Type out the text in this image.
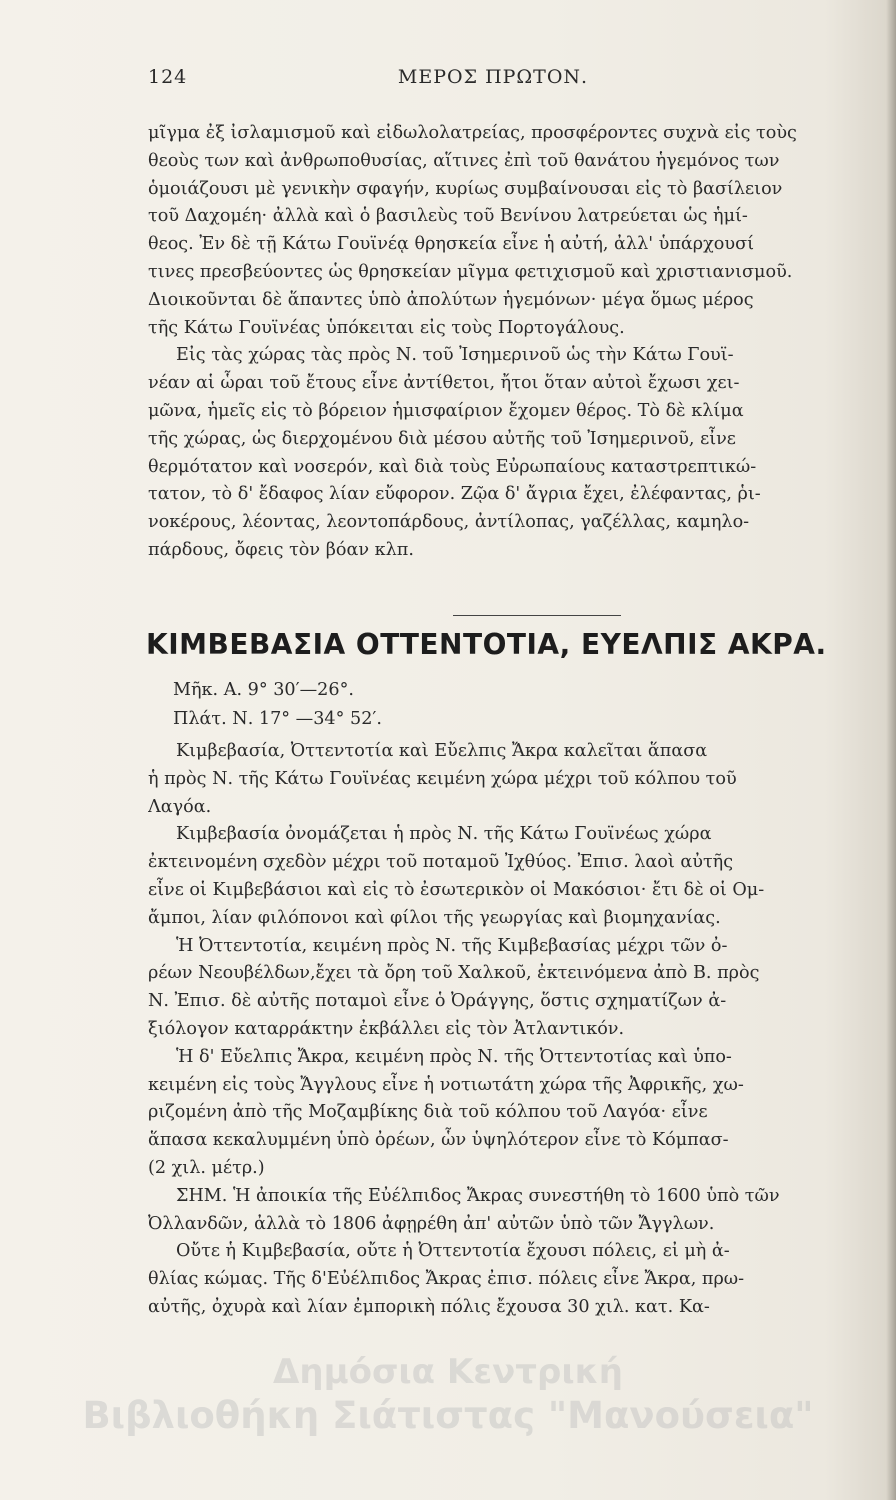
124	ΜΕΡΟΣ ΠΡΩΤΟΝ.
μῖγμα ἐξ ἰσλαμισμοῦ καὶ εἰδωλολατρείας, προσφέροντες συχνὰ εἰς τοὺς
θεοὺς των καὶ ἀνθρωποθυσίας, αἵτινες ἐπὶ τοῦ θανάτου ἡγεμόνος των
ὁμοιάζουσι μὲ γενικὴν σφαγήν, κυρίως συμβαίνουσαι εἰς τὸ βασίλειον
τοῦ Δαχομέη· ἀλλὰ καὶ ὁ βασιλεὺς τοῦ Βενίνου λατρεύεται ὡς ἡμί-
θεος. Ἐν δὲ τῇ Κάτω Γουϊνέᾳ θρησκεία εἶνε ἡ αὐτή, ἀλλ' ὑπάρχουσί
τινες πρεσβεύοντες ὡς θρησκείαν μῖγμα φετιχισμοῦ καὶ χριστιανισμοῦ.
Διοικοῦνται δὲ ἅπαντες ὑπὸ ἀπολύτων ἡγεμόνων· μέγα ὅμως μέρος
τῆς Κάτω Γουϊνέας ὑπόκειται εἰς τοὺς Πορτογάλους.
Εἰς τὰς χώρας τὰς πρὸς Ν. τοῦ Ἰσημερινοῦ ὡς τὴν Κάτω Γουϊ-
νέαν αἱ ὧραι τοῦ ἔτους εἶνε ἀντίθετοι, ἤτοι ὅταν αὐτοὶ ἔχωσι χει-
μῶνα, ἡμεῖς εἰς τὸ βόρειον ἡμισφαίριον ἔχομεν θέρος. Τὸ δὲ κλίμα
τῆς χώρας, ὡς διερχομένου διὰ μέσου αὐτῆς τοῦ Ἰσημερινοῦ, εἶνε
θερμότατον καὶ νοσερόν, καὶ διὰ τοὺς Εὐρωπαίους καταστρεπτικώ-
τατον, τὸ δ' ἔδαφος λίαν εὔφορον. Ζῷα δ' ἄγρια ἔχει, ἐλέφαντας, ῥι-
νοκέρους, λέοντας, λεοντοπάρδους, ἀντίλοπας, γαζέλλας, καμηλο-
πάρδους, ὄφεις τὸν βόαν κλπ.
ΚΙΜΒΕΒΑΣΙΑ ΟΤΤΕΝΤΟΤΙΑ, ΕΥΕΛΠΙΣ ΑΚΡΑ.
Μῆκ. Α. 9° 30′—26°.
Πλάτ. Ν. 17° —34° 52′.
Κιμβεβασία, Ὀττεντοτία καὶ Εὔελπις Ἄκρα καλεῖται ἅπασα
ἡ πρὸς Ν. τῆς Κάτω Γουϊνέας κειμένη χώρα μέχρι τοῦ κόλπου τοῦ
Λαγόα.
Κιμβεβασία ὀνομάζεται ἡ πρὸς Ν. τῆς Κάτω Γουϊνέως χώρα
ἐκτεινομένη σχεδὸν μέχρι τοῦ ποταμοῦ Ἰχθύος. Ἐπισ. λαοὶ αὐτῆς
εἶνε οἱ Κιμβεβάσιοι καὶ εἰς τὸ ἐσωτερικὸν οἱ Μακόσιοι· ἔτι δὲ οἱ Ομ-
ἄμποι, λίαν φιλόπονοι καὶ φίλοι τῆς γεωργίας καὶ βιομηχανίας.
Ἡ Ὀττεντοτία, κειμένη πρὸς Ν. τῆς Κιμβεβασίας μέχρι τῶν ὀ-
ρέων Νεουβέλδων,ἔχει τὰ ὄρη τοῦ Χαλκοῦ, ἐκτεινόμενα ἀπὸ Β. πρὸς
Ν. Ἐπισ. δὲ αὐτῆς ποταμοὶ εἶνε ὁ Ὀράγγης, ὅστις σχηματίζων ἀ-
ξιόλογον καταρράκτην ἐκβάλλει εἰς τὸν Ἀτλαντικόν.
Ἡ δ' Εὔελπις Ἄκρα, κειμένη πρὸς Ν. τῆς Ὀττεντοτίας καὶ ὑπο-
κειμένη εἰς τοὺς Ἄγγλους εἶνε ἡ νοτιωτάτη χώρα τῆς Ἀφρικῆς, χω-
ριζομένη ἀπὸ τῆς Μοζαμβίκης διὰ τοῦ κόλπου τοῦ Λαγόα· εἶνε
ἅπασα κεκαλυμμένη ὑπὸ ὀρέων, ὧν ὑψηλότερον εἶνε τὸ Κόμπασ-
(2 χιλ. μέτρ.)
ΣΗΜ. Ἡ ἀποικία τῆς Εὐέλπιδος Ἄκρας συνεστήθη τὸ 1600 ὑπὸ τῶν
Ὀλλανδῶν, ἀλλὰ τὸ 1806 ἀφῃρέθη ἀπ' αὐτῶν ὑπὸ τῶν Ἄγγλων.
Οὔτε ἡ Κιμβεβασία, οὔτε ἡ Ὀττεντοτία ἔχουσι πόλεις, εἰ μὴ ἀ-
θλίας κώμας. Τῆς δ'Εὐέλπιδος Ἄκρας ἐπισ. πόλεις εἶνε Ἄκρα, πρω-
αὐτῆς, ὀχυρὰ καὶ λίαν ἐμπορικὴ πόλις ἔχουσα 30 χιλ. κατ. Κα-
Δημόσια Κεντρική
Βιβλιοθήκη Σιάτιστας "Μανούσεια"
